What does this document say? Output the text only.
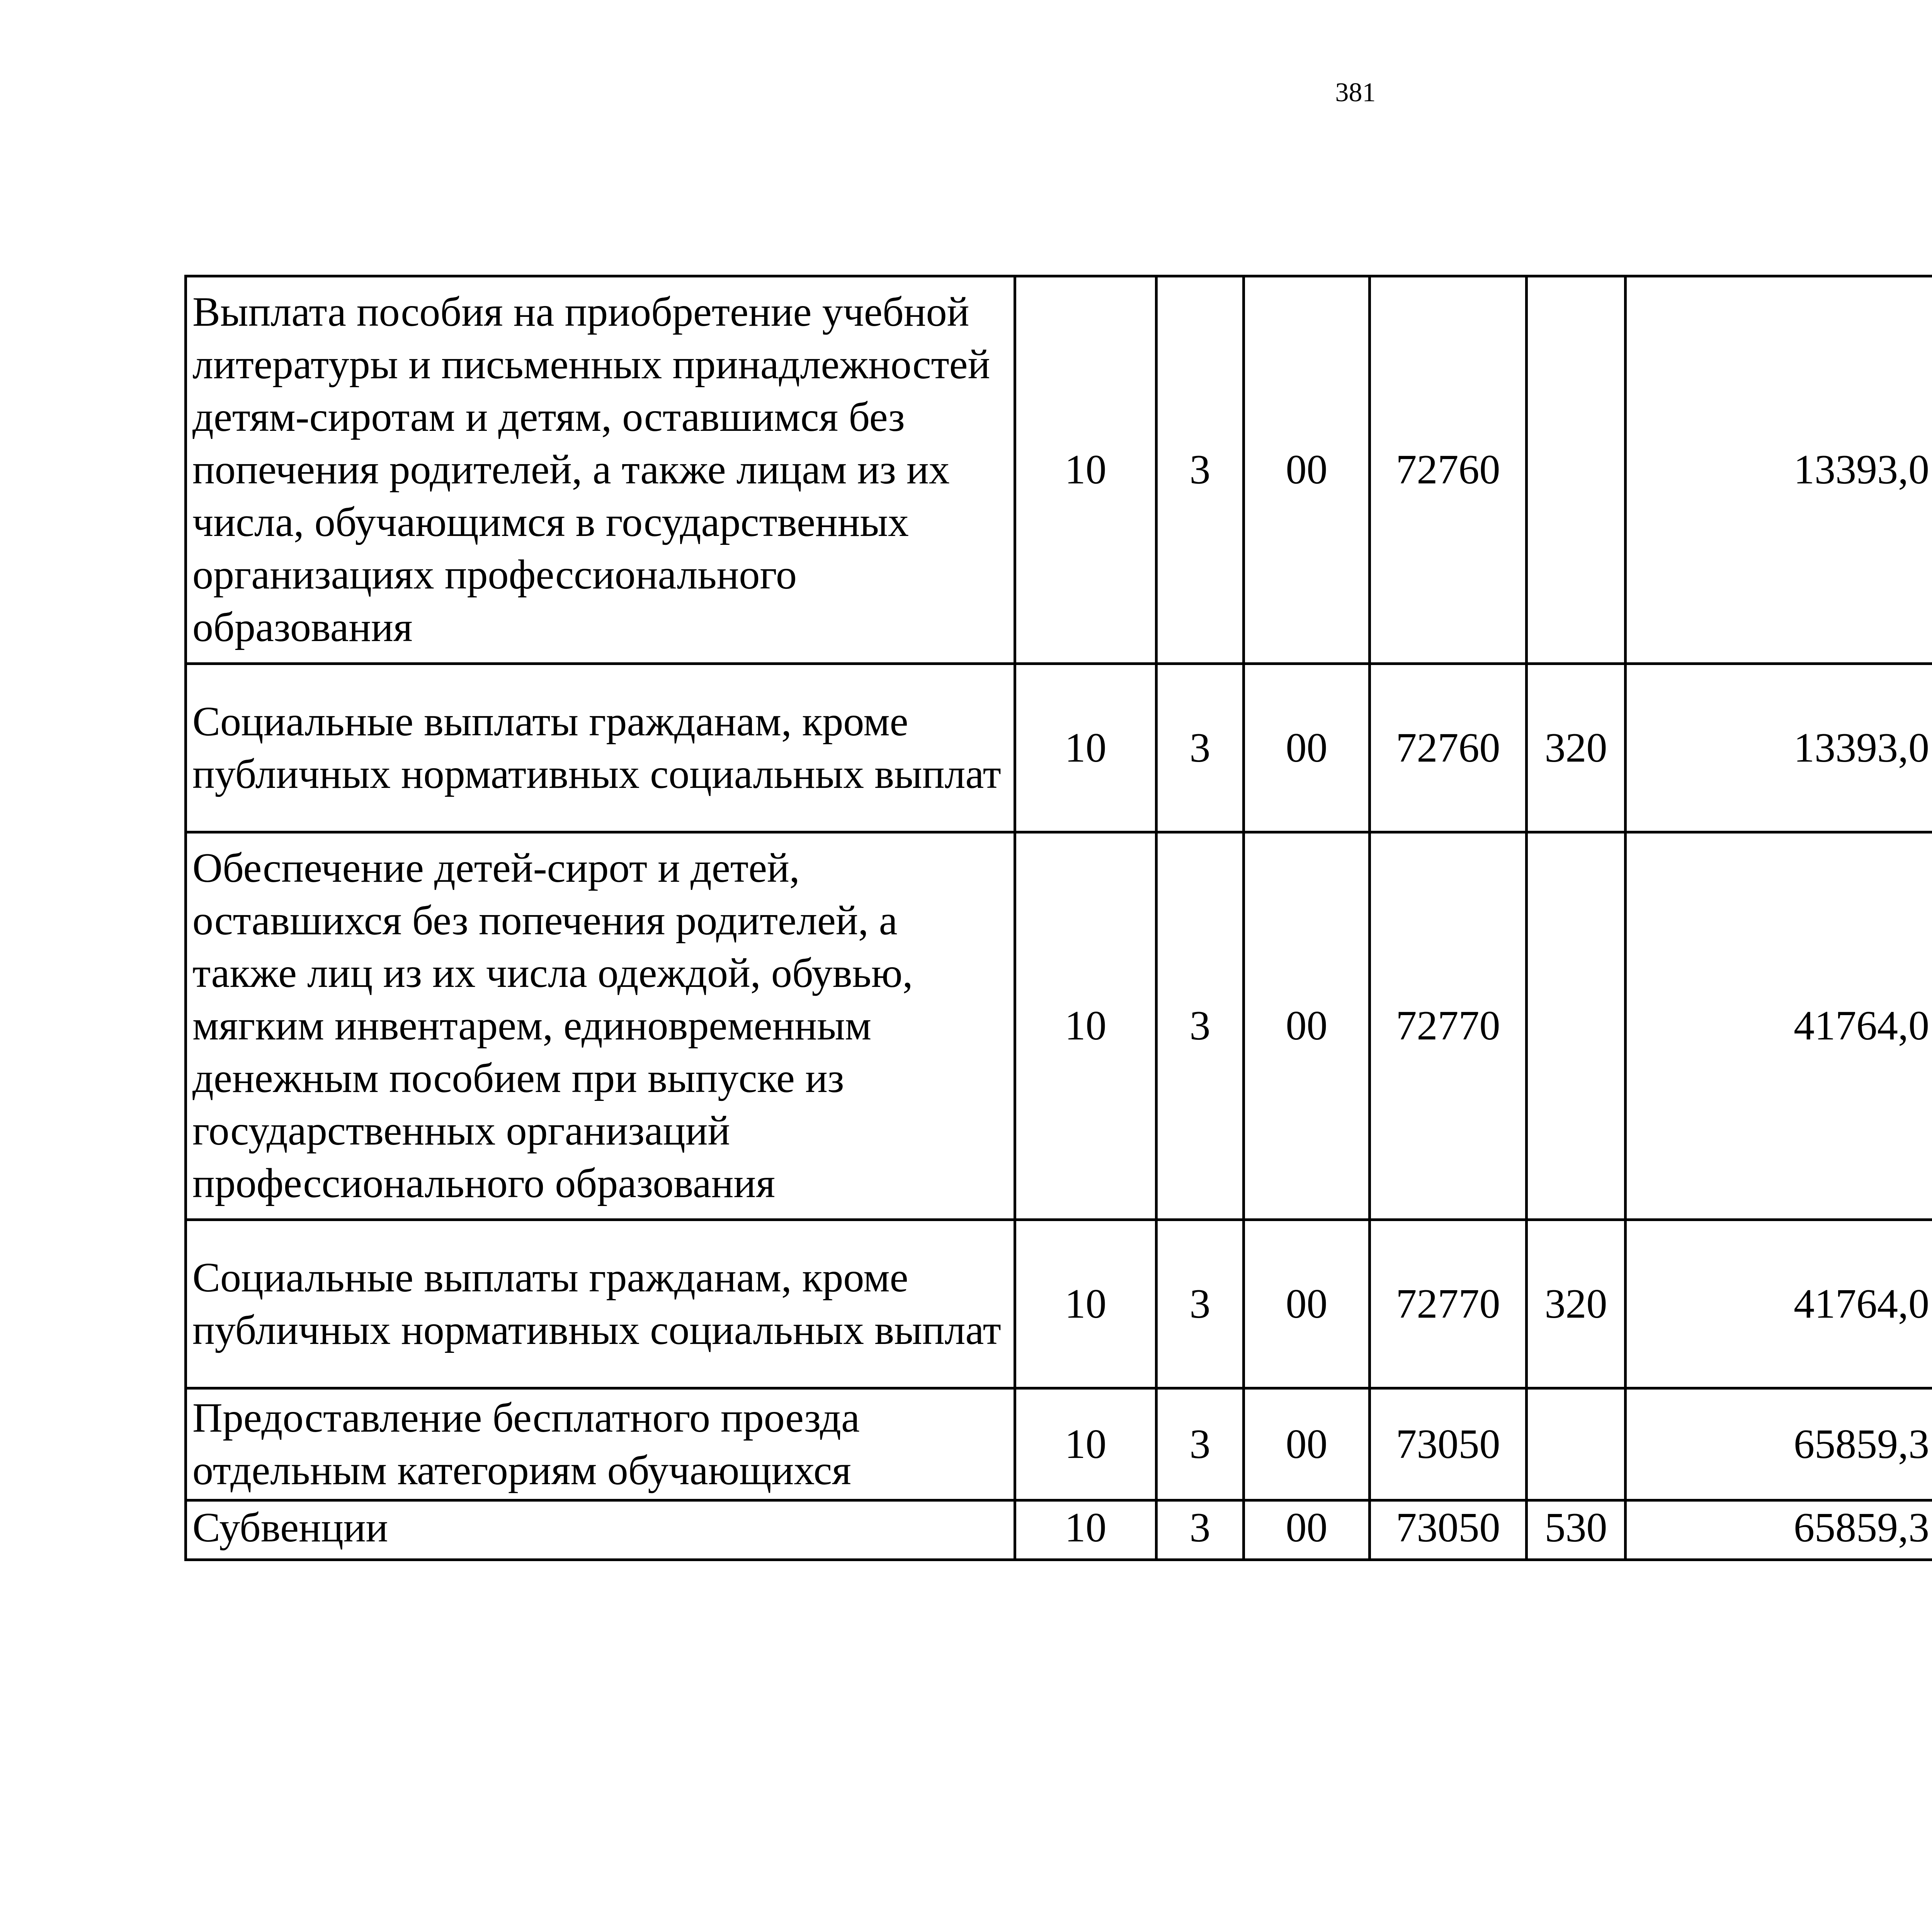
381
Выплата пособия на приобретение учебной литературы и письменных принадлежностей детям-сиротам и детям, оставшимся без попечения родителей, а также лицам из их числа, обучающимся в государственных организациях профессионального образования	10	3	00	72760		13393,0		
Социальные выплаты гражданам, кроме публичных нормативных социальных выплат	10	3	00	72760	320	13393,0		
Обеспечение детей-сирот и детей, оставшихся без попечения родителей, а также лиц из их числа одеждой, обувью, мягким инвентарем, единовременным денежным пособием при выпуске из государственных организаций профессионального образования	10	3	00	72770		41764,0		
Социальные выплаты гражданам, кроме публичных нормативных социальных выплат	10	3	00	72770	320	41764,0		
Предоставление бесплатного проезда отдельным категориям обучающихся	10	3	00	73050		65859,3		
Субвенции	10	3	00	73050	530	65859,3		
